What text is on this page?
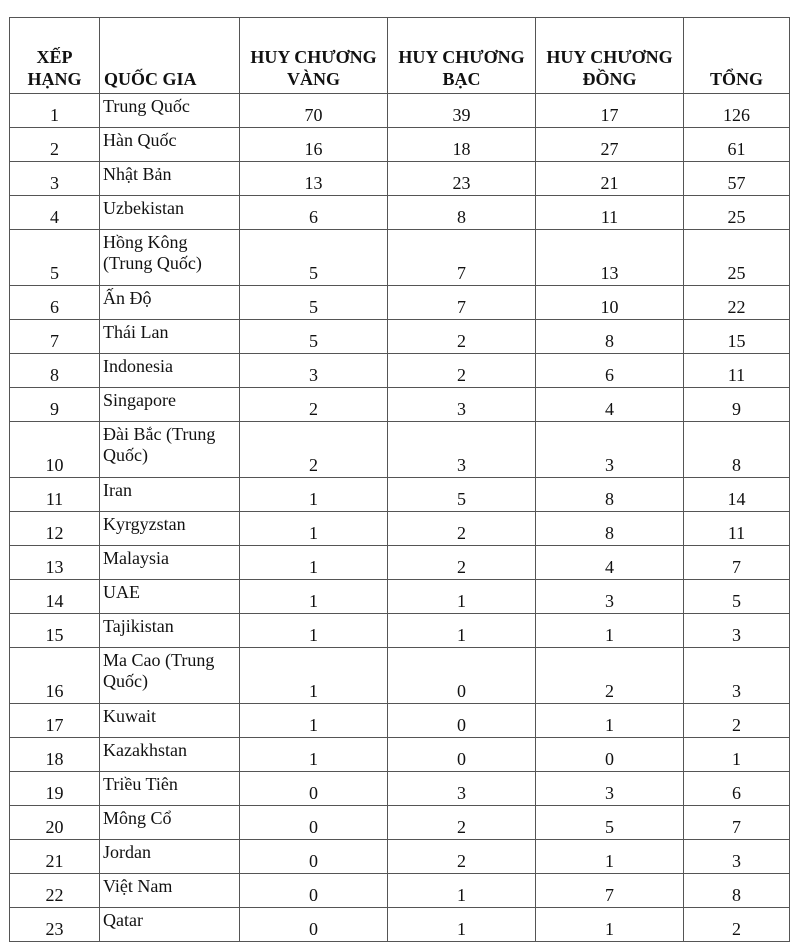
XẾP HẠNG	QUỐC GIA	HUY CHƯƠNG VÀNG	HUY CHƯƠNG BẠC	HUY CHƯƠNG ĐỒNG	TỔNG
1	Trung Quốc	70	39	17	126
2	Hàn Quốc	16	18	27	61
3	Nhật Bản	13	23	21	57
4	Uzbekistan	6	8	11	25
5	Hồng Kông (Trung Quốc)	5	7	13	25
6	Ấn Độ	5	7	10	22
7	Thái Lan	5	2	8	15
8	Indonesia	3	2	6	11
9	Singapore	2	3	4	9
10	Đài Bắc (Trung Quốc)	2	3	3	8
11	Iran	1	5	8	14
12	Kyrgyzstan	1	2	8	11
13	Malaysia	1	2	4	7
14	UAE	1	1	3	5
15	Tajikistan	1	1	1	3
16	Ma Cao (Trung Quốc)	1	0	2	3
17	Kuwait	1	0	1	2
18	Kazakhstan	1	0	0	1
19	Triều Tiên	0	3	3	6
20	Mông Cổ	0	2	5	7
21	Jordan	0	2	1	3
22	Việt Nam	0	1	7	8
23	Qatar	0	1	1	2
